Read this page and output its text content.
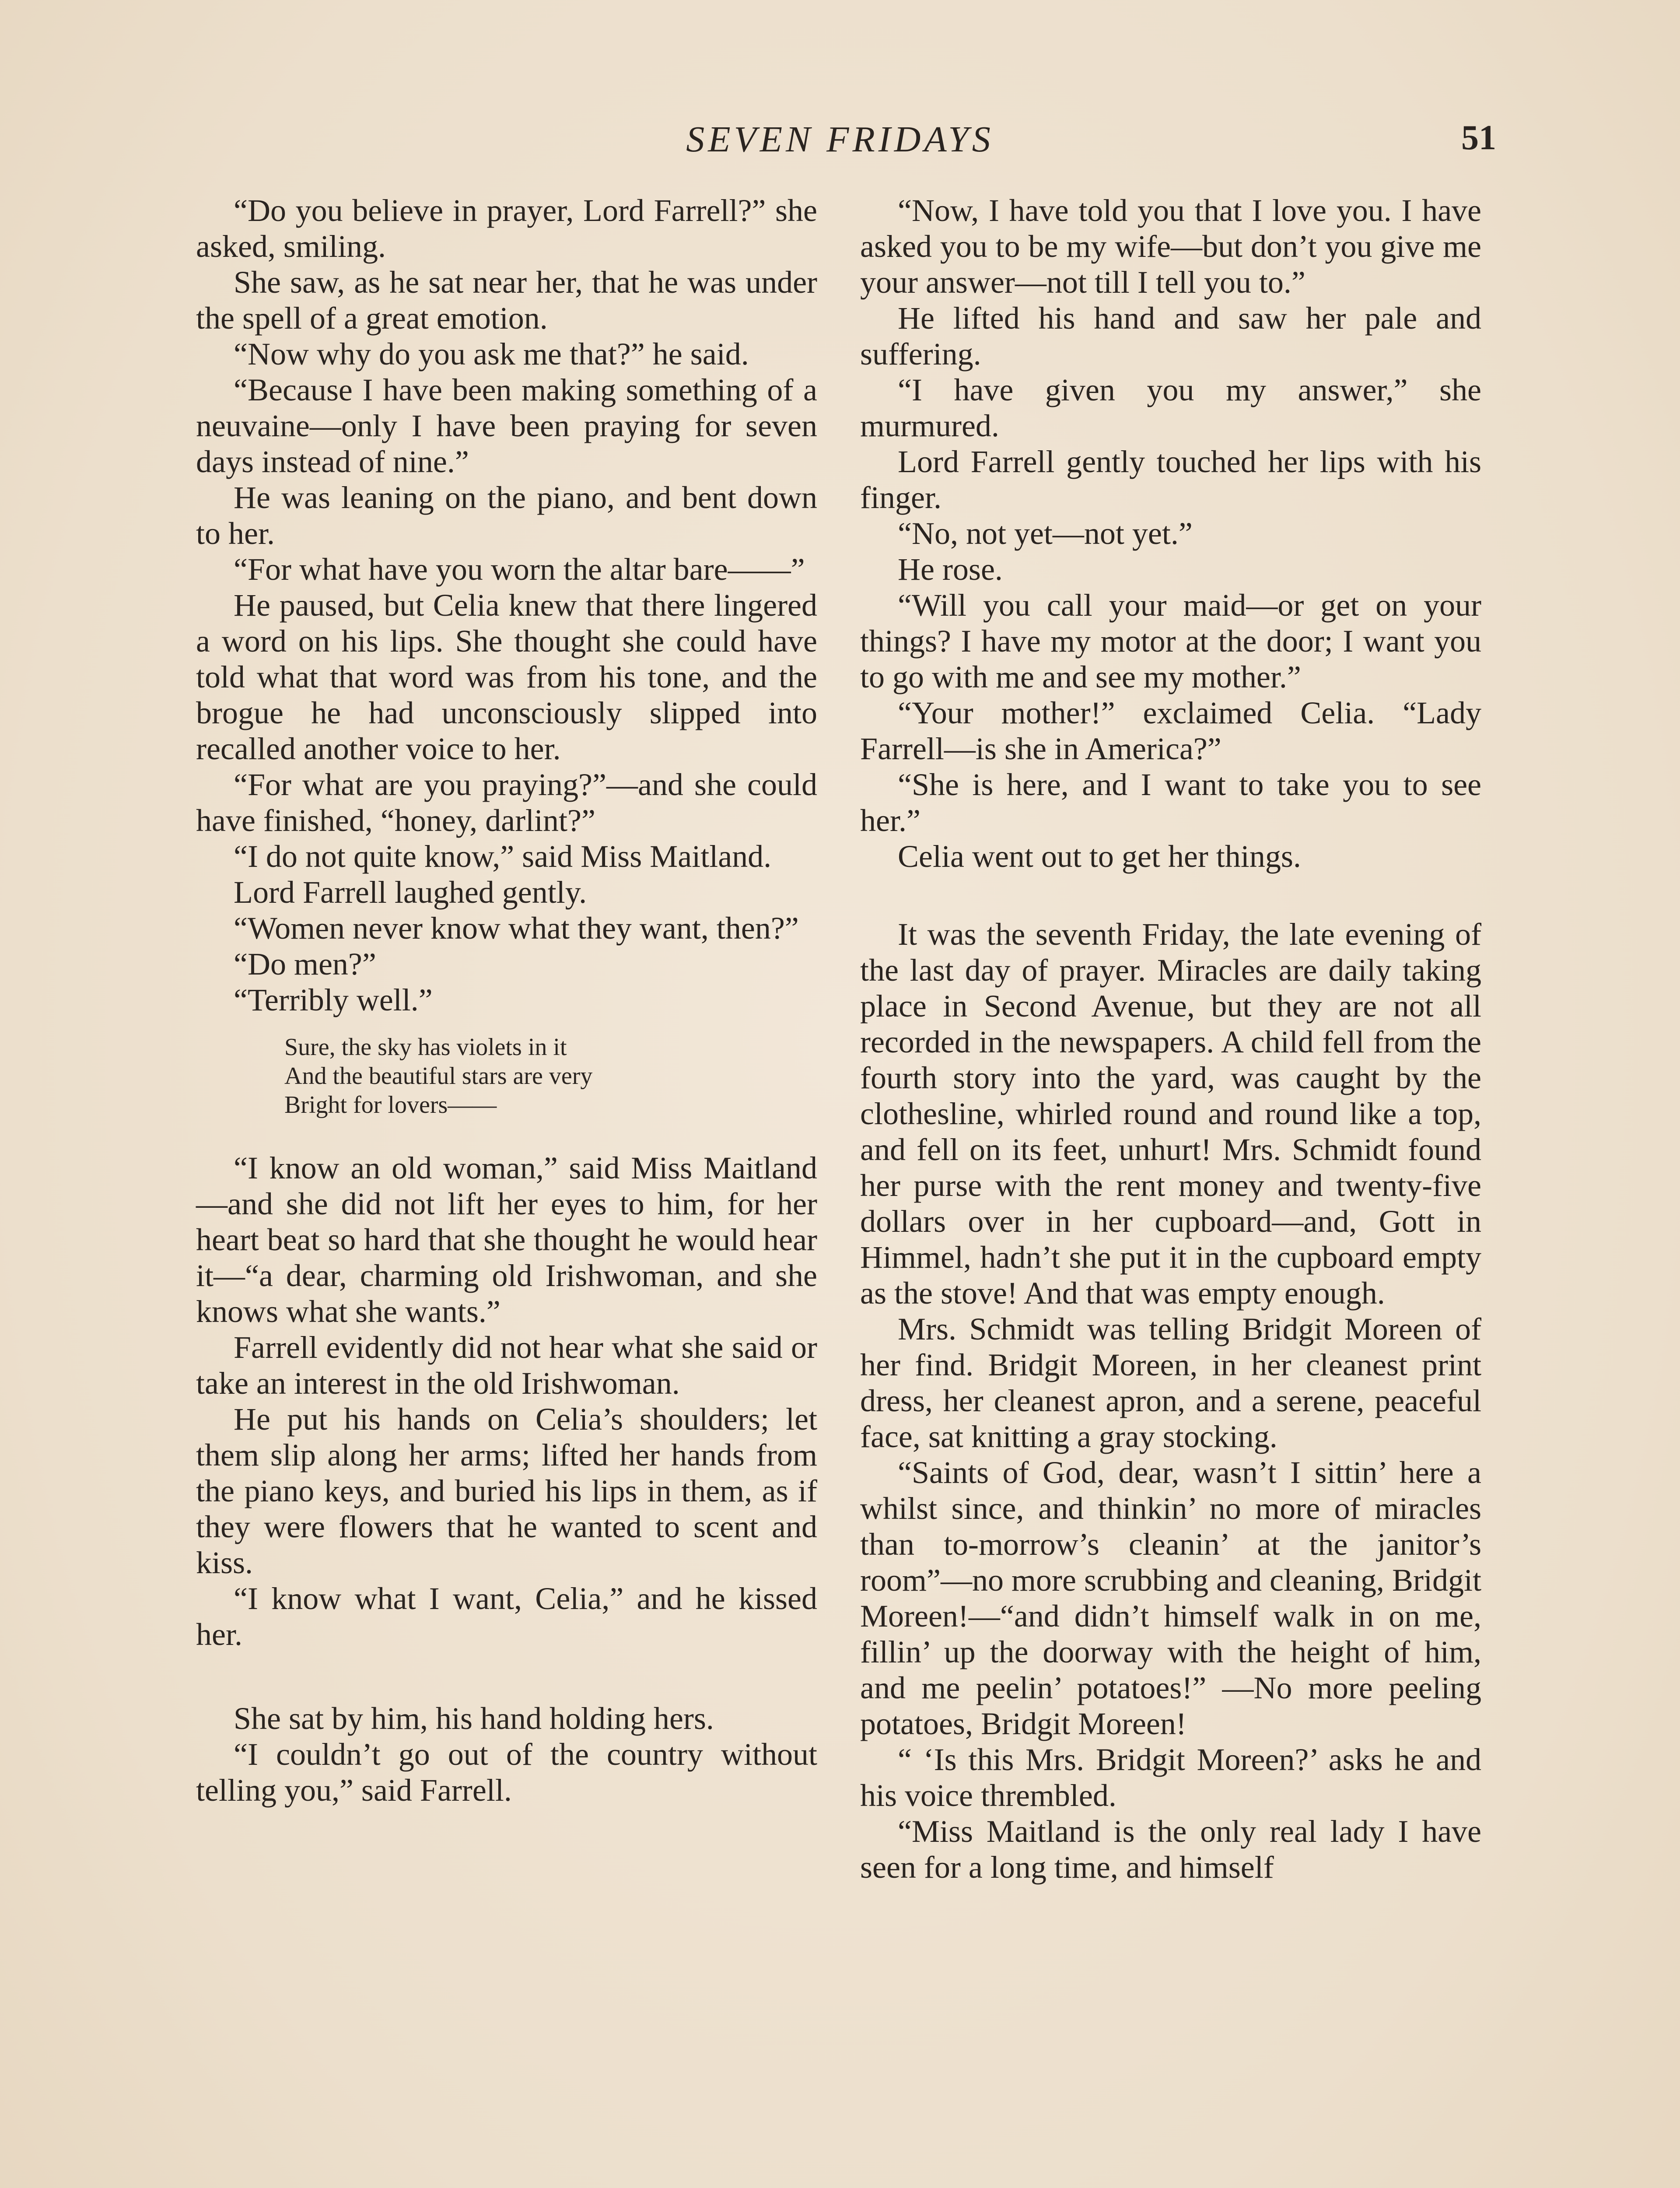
SEVEN FRIDAYS	51

“Do you believe in prayer, Lord Farrell?” she asked, smiling.

She saw, as he sat near her, that he was under the spell of a great emotion.

“Now why do you ask me that?” he said.

“Because I have been making something of a neuvaine—only I have been praying for seven days instead of nine.”

He was leaning on the piano, and bent down to her.

“For what have you worn the altar bare——”

He paused, but Celia knew that there lingered a word on his lips. She thought she could have told what that word was from his tone, and the brogue he had unconsciously slipped into recalled another voice to her.

“For what are you praying?”—and she could have finished, “honey, darlint?”

“I do not quite know,” said Miss Maitland.

Lord Farrell laughed gently.

“Women never know what they want, then?”

“Do men?”

“Terribly well.”

Sure, the sky has violets in it
And the beautiful stars are very
Bright for lovers——

“I know an old woman,” said Miss Maitland—and she did not lift her eyes to him, for her heart beat so hard that she thought he would hear it—“a dear, charming old Irishwoman, and she knows what she wants.”

Farrell evidently did not hear what she said or take an interest in the old Irishwoman.

He put his hands on Celia’s shoulders; let them slip along her arms; lifted her hands from the piano keys, and buried his lips in them, as if they were flowers that he wanted to scent and kiss.

“I know what I want, Celia,” and he kissed her.

She sat by him, his hand holding hers.

“I couldn’t go out of the country without telling you,” said Farrell.

“Now, I have told you that I love you. I have asked you to be my wife—but don’t you give me your answer—not till I tell you to.”

He lifted his hand and saw her pale and suffering.

“I have given you my answer,” she murmured.

Lord Farrell gently touched her lips with his finger.

“No, not yet—not yet.”

He rose.

“Will you call your maid—or get on your things? I have my motor at the door; I want you to go with me and see my mother.”

“Your mother!” exclaimed Celia. “Lady Farrell—is she in America?”

“She is here, and I want to take you to see her.”

Celia went out to get her things.

It was the seventh Friday, the late evening of the last day of prayer. Miracles are daily taking place in Second Avenue, but they are not all recorded in the newspapers. A child fell from the fourth story into the yard, was caught by the clothesline, whirled round and round like a top, and fell on its feet, unhurt! Mrs. Schmidt found her purse with the rent money and twenty-five dollars over in her cupboard—and, Gott in Himmel, hadn’t she put it in the cupboard empty as the stove! And that was empty enough.

Mrs. Schmidt was telling Bridgit Moreen of her find. Bridgit Moreen, in her cleanest print dress, her cleanest apron, and a serene, peaceful face, sat knitting a gray stocking.

“Saints of God, dear, wasn’t I sittin’ here a whilst since, and thinkin’ no more of miracles than to-morrow’s cleanin’ at the janitor’s room”—no more scrubbing and cleaning, Bridgit Moreen!—“and didn’t himself walk in on me, fillin’ up the doorway with the height of him, and me peelin’ potatoes!” —No more peeling potatoes, Bridgit Moreen!

“ ‘Is this Mrs. Bridgit Moreen?’ asks he and his voice thrembled.

“Miss Maitland is the only real lady I have seen for a long time, and himself
